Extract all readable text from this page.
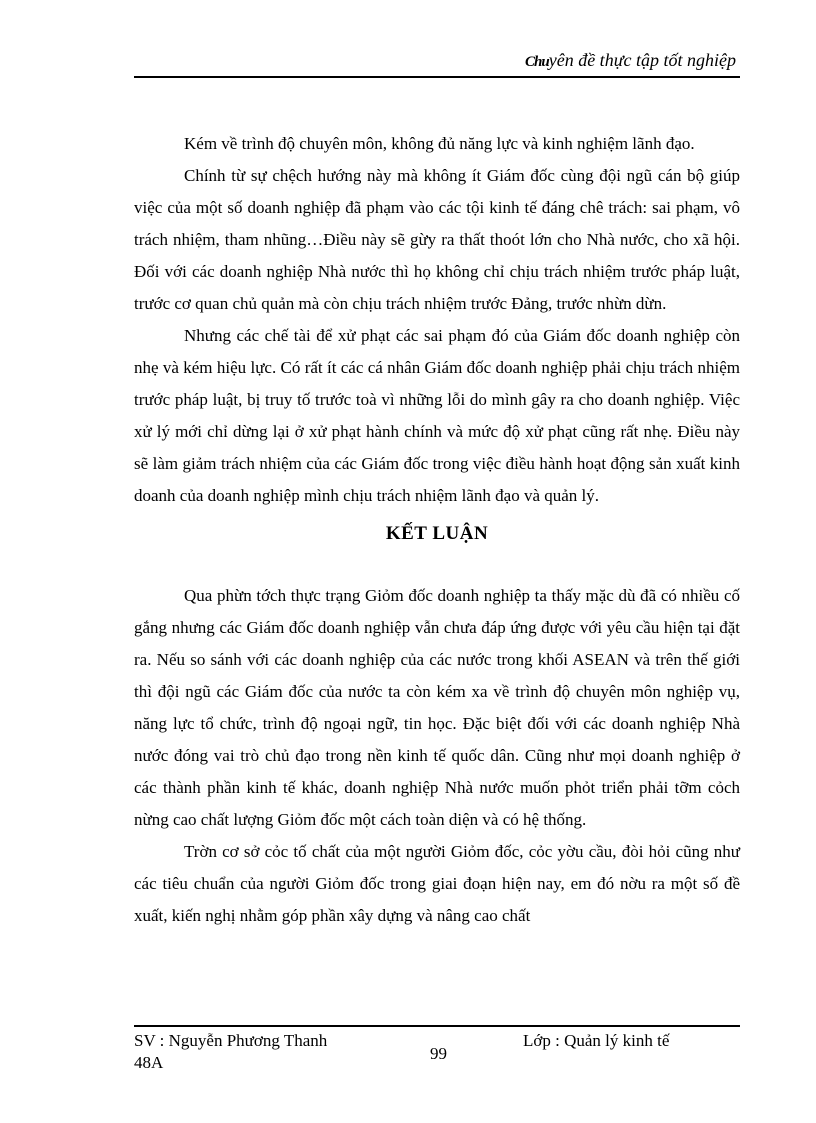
Chuyên đề thực tập tốt nghiệp

Kém về trình độ chuyên môn, không đủ năng lực và kinh nghiệm lãnh đạo.

Chính từ sự chệch hướng này mà không ít Giám đốc cùng đội ngũ cán bộ giúp việc của một số doanh nghiệp đã phạm vào các tội kinh tế đáng chê trách: sai phạm, vô trách nhiệm, tham nhũng…Điều này sẽ gừy ra thất thoót lớn cho Nhà nước, cho xã hội. Đối với các doanh nghiệp Nhà nước thì họ không chỉ chịu trách nhiệm trước pháp luật, trước cơ quan chủ quản mà còn chịu trách nhiệm trước Đảng, trước nhừn dừn.

Nhưng các chế tài để xử phạt các sai phạm đó của Giám đốc doanh nghiệp còn nhẹ và kém hiệu lực. Có rất ít các cá nhân Giám đốc doanh nghiệp phải chịu trách nhiệm trước pháp luật, bị truy tố trước toà vì những lỗi do mình gây ra cho doanh nghiệp. Việc xử lý mới chỉ dừng lại ở xử phạt hành chính và mức độ xử phạt cũng rất nhẹ. Điều này sẽ làm giảm trách nhiệm của các Giám đốc trong việc điều hành hoạt động sản xuất kinh doanh của doanh nghiệp mình chịu trách nhiệm lãnh đạo và quản lý.

KẾT LUẬN

Qua phừn tớch thực trạng Giỏm đốc doanh nghiệp ta thấy mặc dù đã có nhiều cố gắng nhưng các Giám đốc doanh nghiệp vẫn chưa đáp ứng được với yêu cầu hiện tại đặt ra. Nếu so sánh với các doanh nghiệp của các nước trong khối ASEAN và trên thế giới thì đội ngũ các Giám đốc của nước ta còn kém xa về trình độ chuyên môn nghiệp vụ, năng lực tổ chức, trình độ ngoại ngữ, tin học. Đặc biệt đối với các doanh nghiệp Nhà nước đóng vai trò chủ đạo trong nền kinh tế quốc dân. Cũng như mọi doanh nghiệp ở các thành phần kinh tế khác, doanh nghiệp Nhà nước muốn phỏt triển phải tỡm cỏch nừng cao chất lượng Giỏm đốc một cách toàn diện và có hệ thống.

Trờn cơ sở cỏc tố chất của một người Giỏm đốc, cỏc yờu cầu, đòi hỏi cũng như các tiêu chuẩn của người Giỏm đốc trong giai đoạn hiện nay, em đó nờu ra một số đề xuất, kiến nghị nhằm góp phần xây dựng và nâng cao chất

SV : Nguyễn Phương Thanh
48A	99
Lớp : Quản lý kinh tế
